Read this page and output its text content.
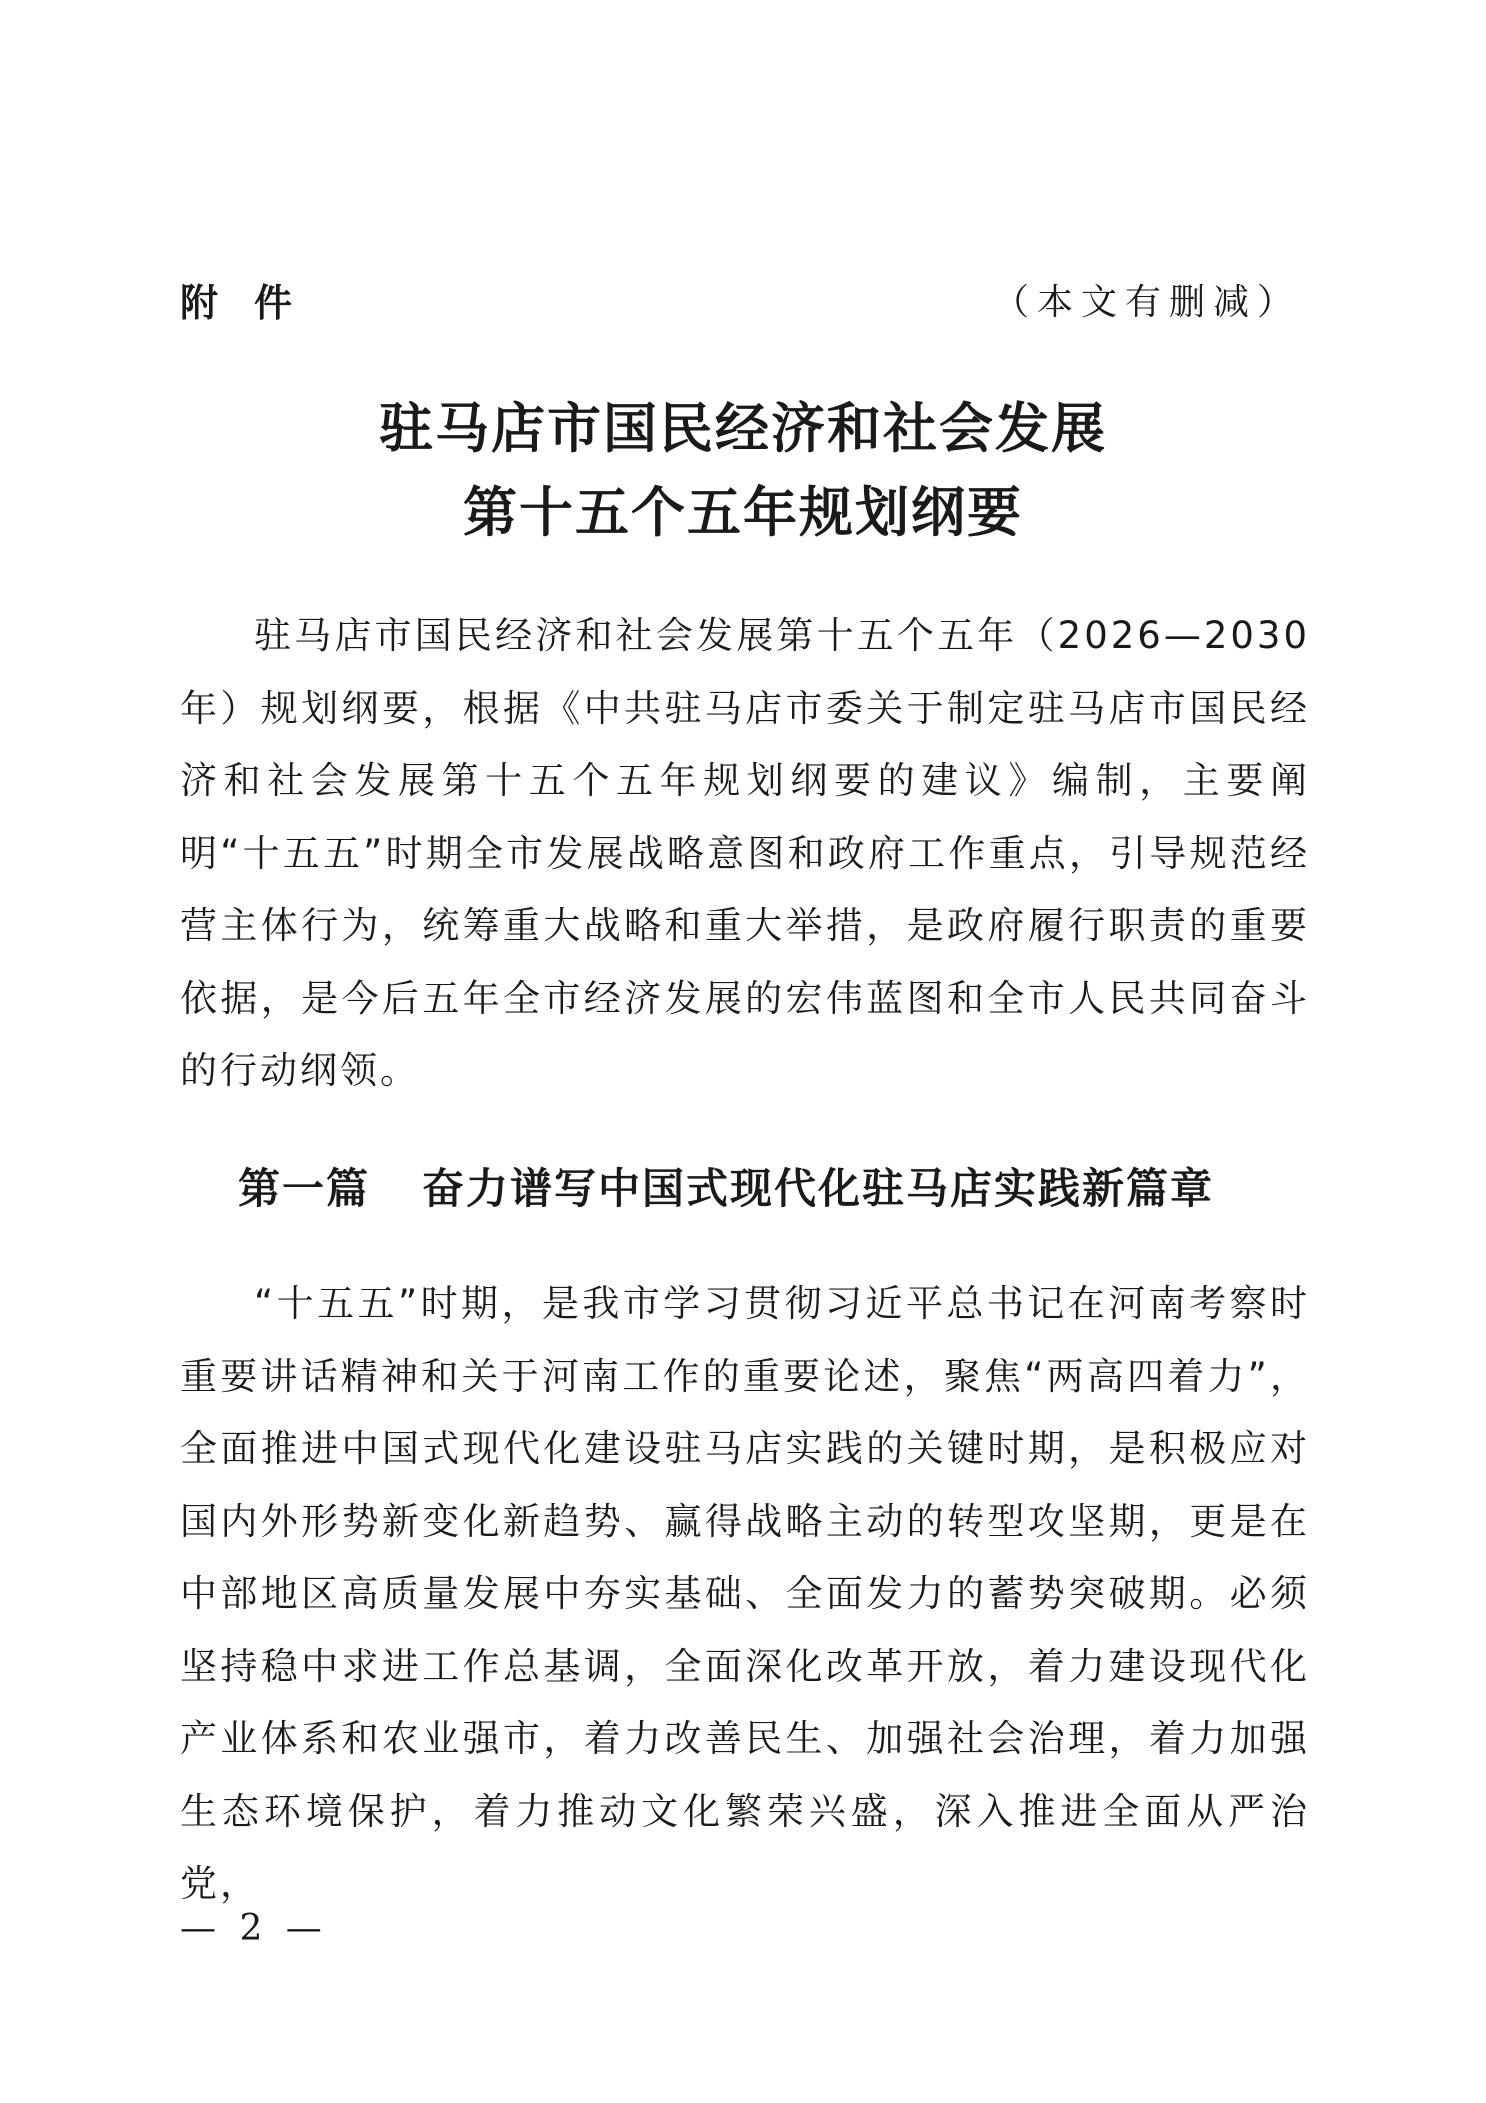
附件	（本文有删减）
驻马店市国民经济和社会发展
第十五个五年规划纲要

驻马店市国民经济和社会发展第十五个五年（2026—2030年）规划纲要，根据《中共驻马店市委关于制定驻马店市国民经济和社会发展第十五个五年规划纲要的建议》编制，主要阐明“十五五”时期全市发展战略意图和政府工作重点，引导规范经营主体行为，统筹重大战略和重大举措，是政府履行职责的重要依据，是今后五年全市经济发展的宏伟蓝图和全市人民共同奋斗的行动纲领。

第一篇 奋力谱写中国式现代化驻马店实践新篇章

“十五五”时期，是我市学习贯彻习近平总书记在河南考察时重要讲话精神和关于河南工作的重要论述，聚焦“两高四着力”，全面推进中国式现代化建设驻马店实践的关键时期，是积极应对国内外形势新变化新趋势、赢得战略主动的转型攻坚期，更是在中部地区高质量发展中夯实基础、全面发力的蓄势突破期。必须坚持稳中求进工作总基调，全面深化改革开放，着力建设现代化产业体系和农业强市，着力改善民生、加强社会治理，着力加强生态环境保护，着力推动文化繁荣兴盛，深入推进全面从严治党，

— 2 —
